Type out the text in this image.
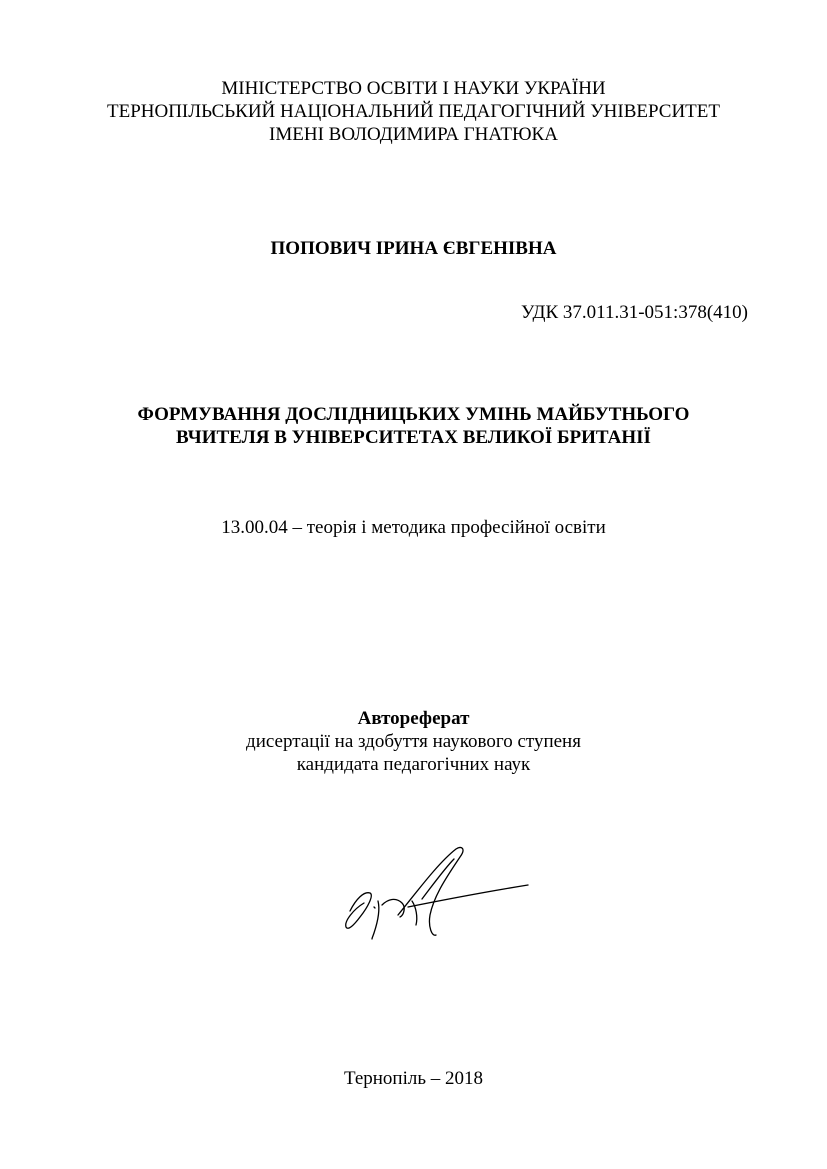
МІНІСТЕРСТВО ОСВІТИ І НАУКИ УКРАЇНИ
ТЕРНОПІЛЬСЬКИЙ НАЦІОНАЛЬНИЙ ПЕДАГОГІЧНИЙ УНІВЕРСИТЕТ
ІМЕНІ ВОЛОДИМИРА ГНАТЮКА
ПОПОВИЧ ІРИНА ЄВГЕНІВНА
УДК 37.011.31-051:378(410)
ФОРМУВАННЯ ДОСЛІДНИЦЬКИХ УМІНЬ МАЙБУТНЬОГО
ВЧИТЕЛЯ В УНІВЕРСИТЕТАХ ВЕЛИКОЇ БРИТАНІЇ
13.00.04 – теорія і методика професійної освіти
Автореферат
дисертації на здобуття наукового ступеня
кандидата педагогічних наук
Тернопіль – 2018
